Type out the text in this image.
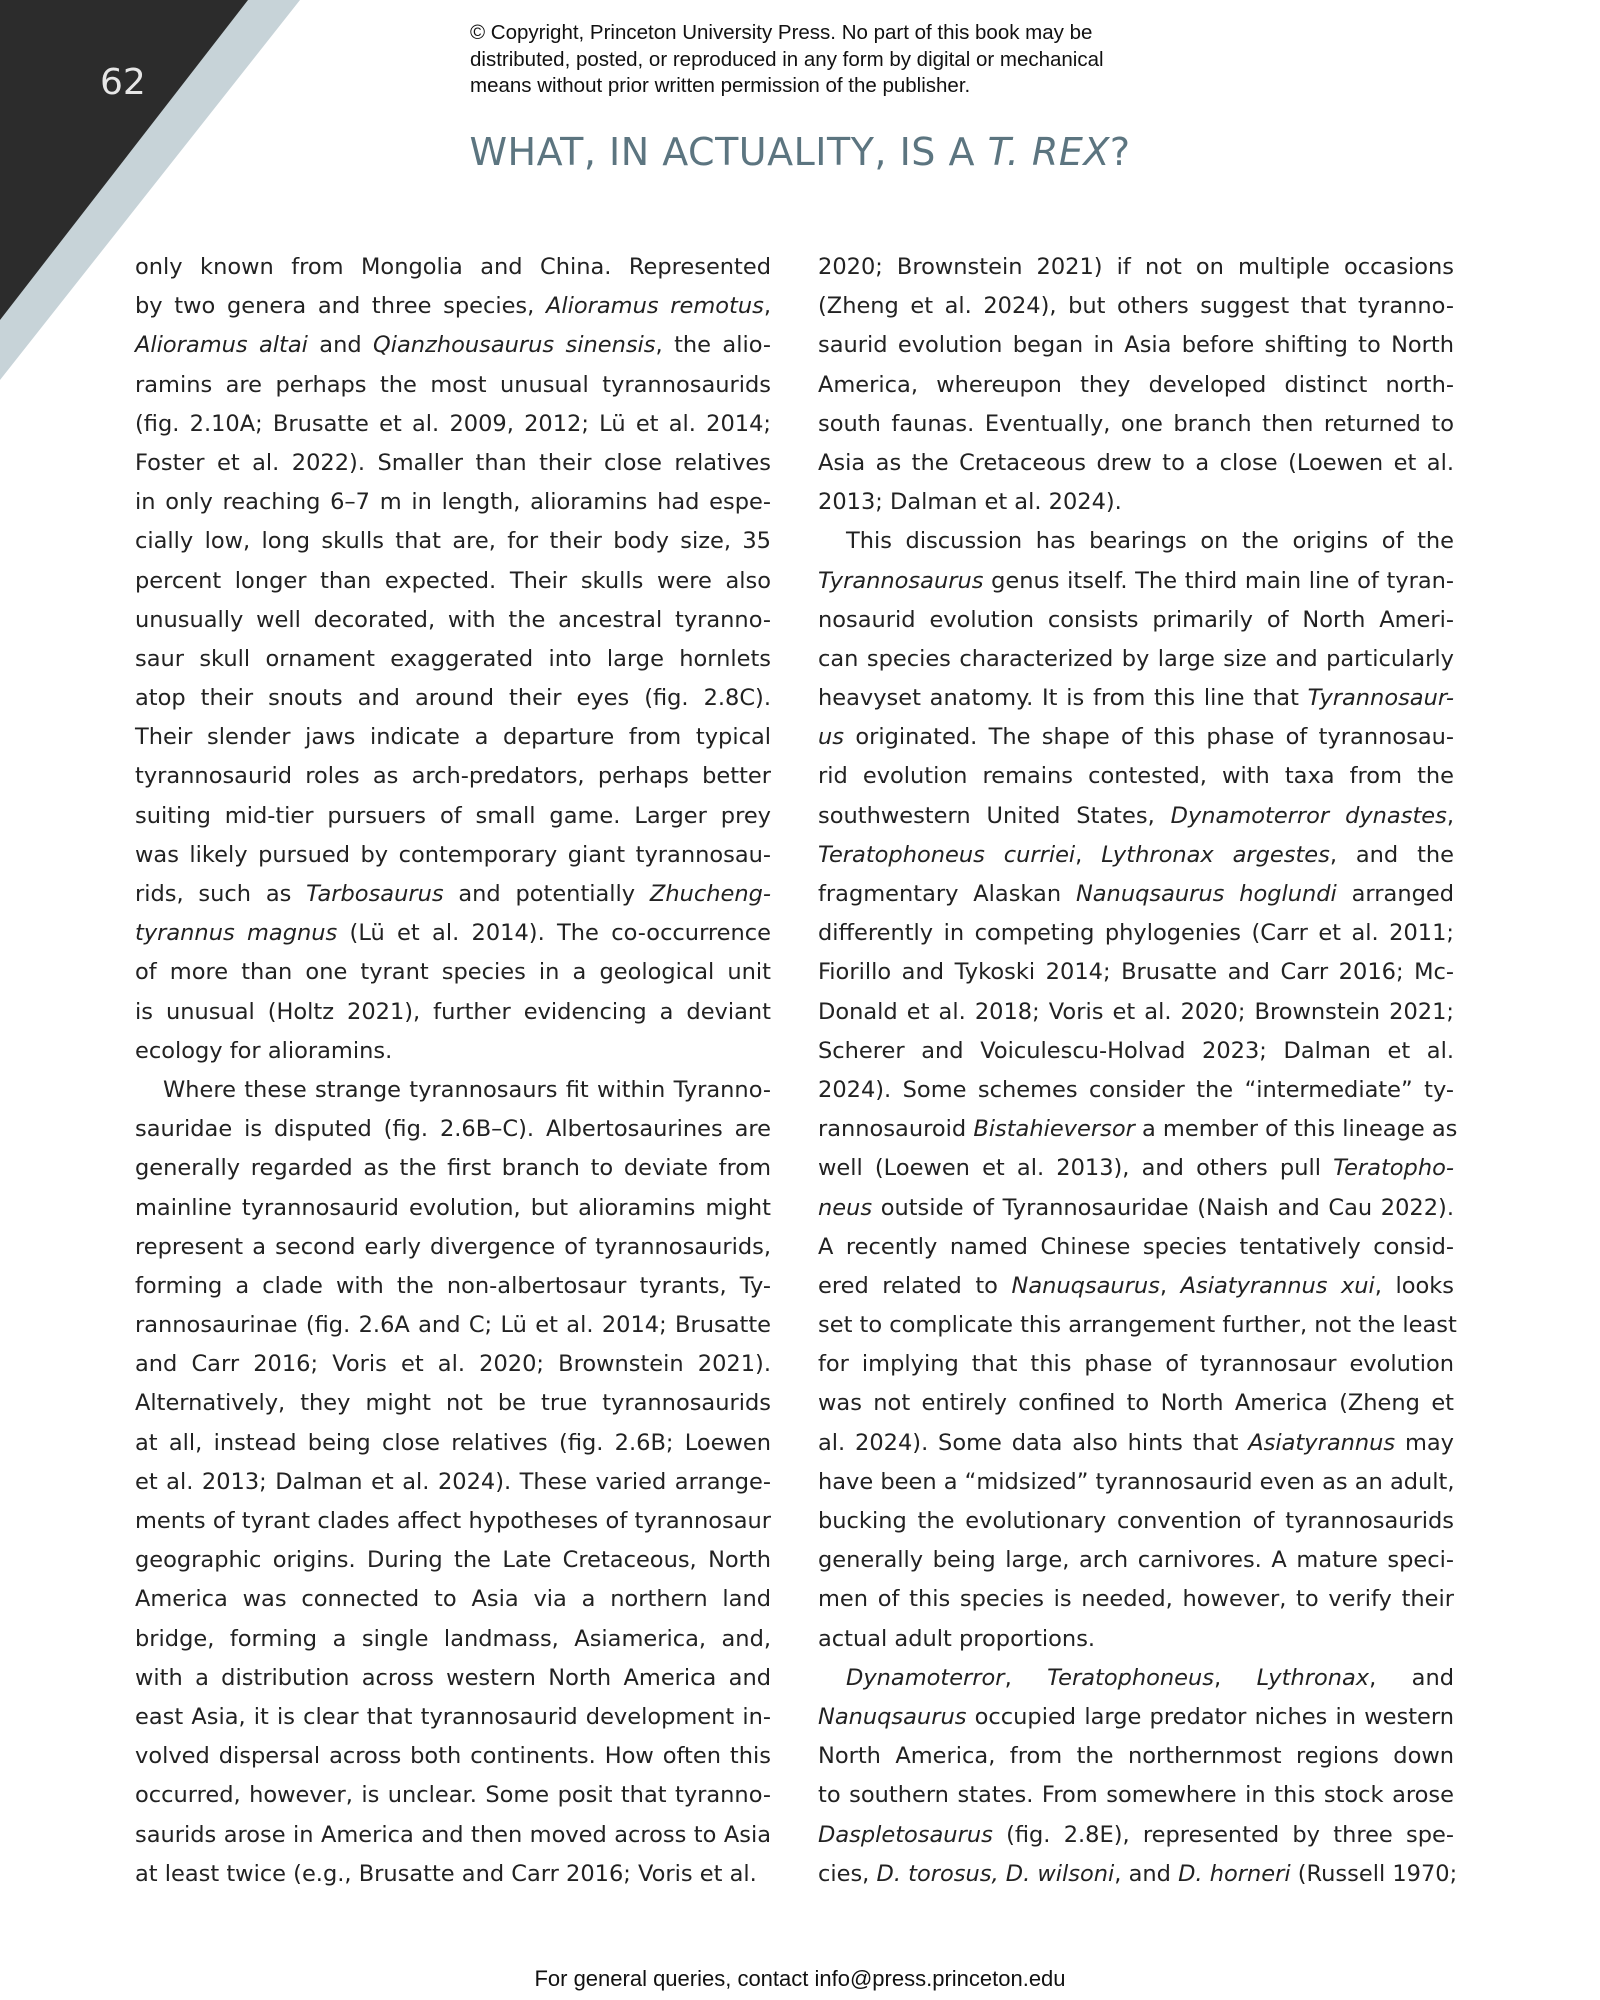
62
© Copyright, Princeton University Press. No part of this book may be
distributed, posted, or reproduced in any form by digital or mechanical
means without prior written permission of the publisher.
WHAT, IN ACTUALITY, IS A T. REX?
only known from Mongolia and China. Represented
by two genera and three species, Alioramus remotus,
Alioramus altai and Qianzhousaurus sinensis, the alio-
ramins are perhaps the most unusual tyrannosaurids
(fig. 2.10A; Brusatte et al. 2009, 2012; Lü et al. 2014;
Foster et al. 2022). Smaller than their close relatives
in only reaching 6–7 m in length, alioramins had espe-
cially low, long skulls that are, for their body size, 35
percent longer than expected. Their skulls were also
unusually well decorated, with the ancestral tyranno-
saur skull ornament exaggerated into large hornlets
atop their snouts and around their eyes (fig. 2.8C).
Their slender jaws indicate a departure from typical
tyrannosaurid roles as arch-predators, perhaps better
suiting mid-tier pursuers of small game. Larger prey
was likely pursued by contemporary giant tyrannosau-
rids, such as Tarbosaurus and potentially Zhucheng-
tyrannus magnus (Lü et al. 2014). The co-occurrence
of more than one tyrant species in a geological unit
is unusual (Holtz 2021), further evidencing a deviant
ecology for alioramins.
Where these strange tyrannosaurs fit within Tyranno-
sauridae is disputed (fig. 2.6B–C). Albertosaurines are
generally regarded as the first branch to deviate from
mainline tyrannosaurid evolution, but alioramins might
represent a second early divergence of tyrannosaurids,
forming a clade with the non-albertosaur tyrants, Ty-
rannosaurinae (fig. 2.6A and C; Lü et al. 2014; Brusatte
and Carr 2016; Voris et al. 2020; Brownstein 2021).
Alternatively, they might not be true tyrannosaurids
at all, instead being close relatives (fig. 2.6B; Loewen
et al. 2013; Dalman et al. 2024). These varied arrange-
ments of tyrant clades affect hypotheses of tyrannosaur
geographic origins. During the Late Cretaceous, North
America was connected to Asia via a northern land
bridge, forming a single landmass, Asiamerica, and,
with a distribution across western North America and
east Asia, it is clear that tyrannosaurid development in-
volved dispersal across both continents. How often this
occurred, however, is unclear. Some posit that tyranno-
saurids arose in America and then moved across to Asia
at least twice (e.g., Brusatte and Carr 2016; Voris et al.
2020; Brownstein 2021) if not on multiple occasions
(Zheng et al. 2024), but others suggest that tyranno-
saurid evolution began in Asia before shifting to North
America, whereupon they developed distinct north-
south faunas. Eventually, one branch then returned to
Asia as the Cretaceous drew to a close (Loewen et al.
2013; Dalman et al. 2024).
This discussion has bearings on the origins of the
Tyrannosaurus genus itself. The third main line of tyran-
nosaurid evolution consists primarily of North Ameri-
can species characterized by large size and particularly
heavyset anatomy. It is from this line that Tyrannosaur-
us originated. The shape of this phase of tyrannosau-
rid evolution remains contested, with taxa from the
southwestern United States, Dynamoterror dynastes,
Teratophoneus curriei, Lythronax argestes, and the
fragmentary Alaskan Nanuqsaurus hoglundi arranged
differently in competing phylogenies (Carr et al. 2011;
Fiorillo and Tykoski 2014; Brusatte and Carr 2016; Mc-
Donald et al. 2018; Voris et al. 2020; Brownstein 2021;
Scherer and Voiculescu-Holvad 2023; Dalman et al.
2024). Some schemes consider the “intermediate” ty-
rannosauroid Bistahieversor a member of this lineage as
well (Loewen et al. 2013), and others pull Teratopho-
neus outside of Tyrannosauridae (Naish and Cau 2022).
A recently named Chinese species tentatively consid-
ered related to Nanuqsaurus, Asiatyrannus xui, looks
set to complicate this arrangement further, not the least
for implying that this phase of tyrannosaur evolution
was not entirely confined to North America (Zheng et
al. 2024). Some data also hints that Asiatyrannus may
have been a “midsized” tyrannosaurid even as an adult,
bucking the evolutionary convention of tyrannosaurids
generally being large, arch carnivores. A mature speci-
men of this species is needed, however, to verify their
actual adult proportions.
Dynamoterror, Teratophoneus, Lythronax, and
Nanuqsaurus occupied large predator niches in western
North America, from the northernmost regions down
to southern states. From somewhere in this stock arose
Daspletosaurus (fig. 2.8E), represented by three spe-
cies, D. torosus, D. wilsoni, and D. horneri (Russell 1970;
For general queries, contact info@press.princeton.edu
